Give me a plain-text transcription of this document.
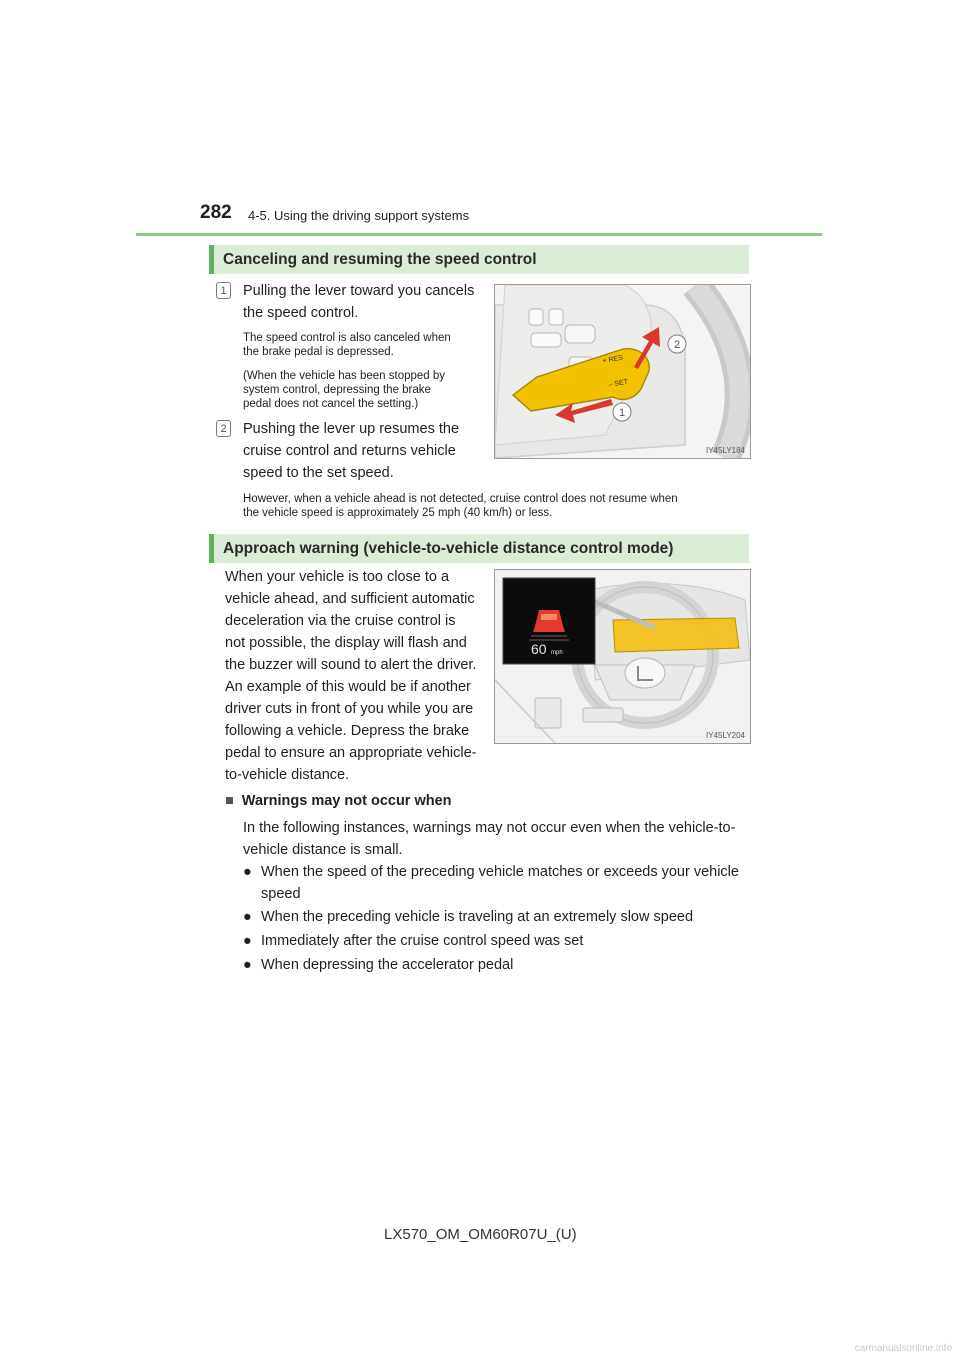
282 4-5. Using the driving support systems
Canceling and resuming the speed control
1	Pulling the lever toward you cancels
the speed control.
The speed control is also canceled when
the brake pedal is depressed.
(When the vehicle has been stopped by
system control, depressing the brake
pedal does not cancel the setting.)
2	Pushing the lever up resumes the
cruise control and returns vehicle
speed to the set speed.
+ RES
– SET
2
1
IY45LY184
However, when a vehicle ahead is not detected, cruise control does not resume when
the vehicle speed is approximately 25 mph (40 km/h) or less.
Approach warning (vehicle-to-vehicle distance control mode)
When your vehicle is too close to a
vehicle ahead, and sufficient automatic
deceleration via the cruise control is
not possible, the display will flash and
the buzzer will sound to alert the driver.
An example of this would be if another
driver cuts in front of you while you are
following a vehicle. Depress the brake
pedal to ensure an appropriate vehicle-
to-vehicle distance.
60 mph
IY45LY204
■ Warnings may not occur when
In the following instances, warnings may not occur even when the vehicle-to-
vehicle distance is small.
● When the speed of the preceding vehicle matches or exceeds your vehicle
speed
● When the preceding vehicle is traveling at an extremely slow speed
● Immediately after the cruise control speed was set
● When depressing the accelerator pedal
LX570_OM_OM60R07U_(U)
carmanualsonline.info
